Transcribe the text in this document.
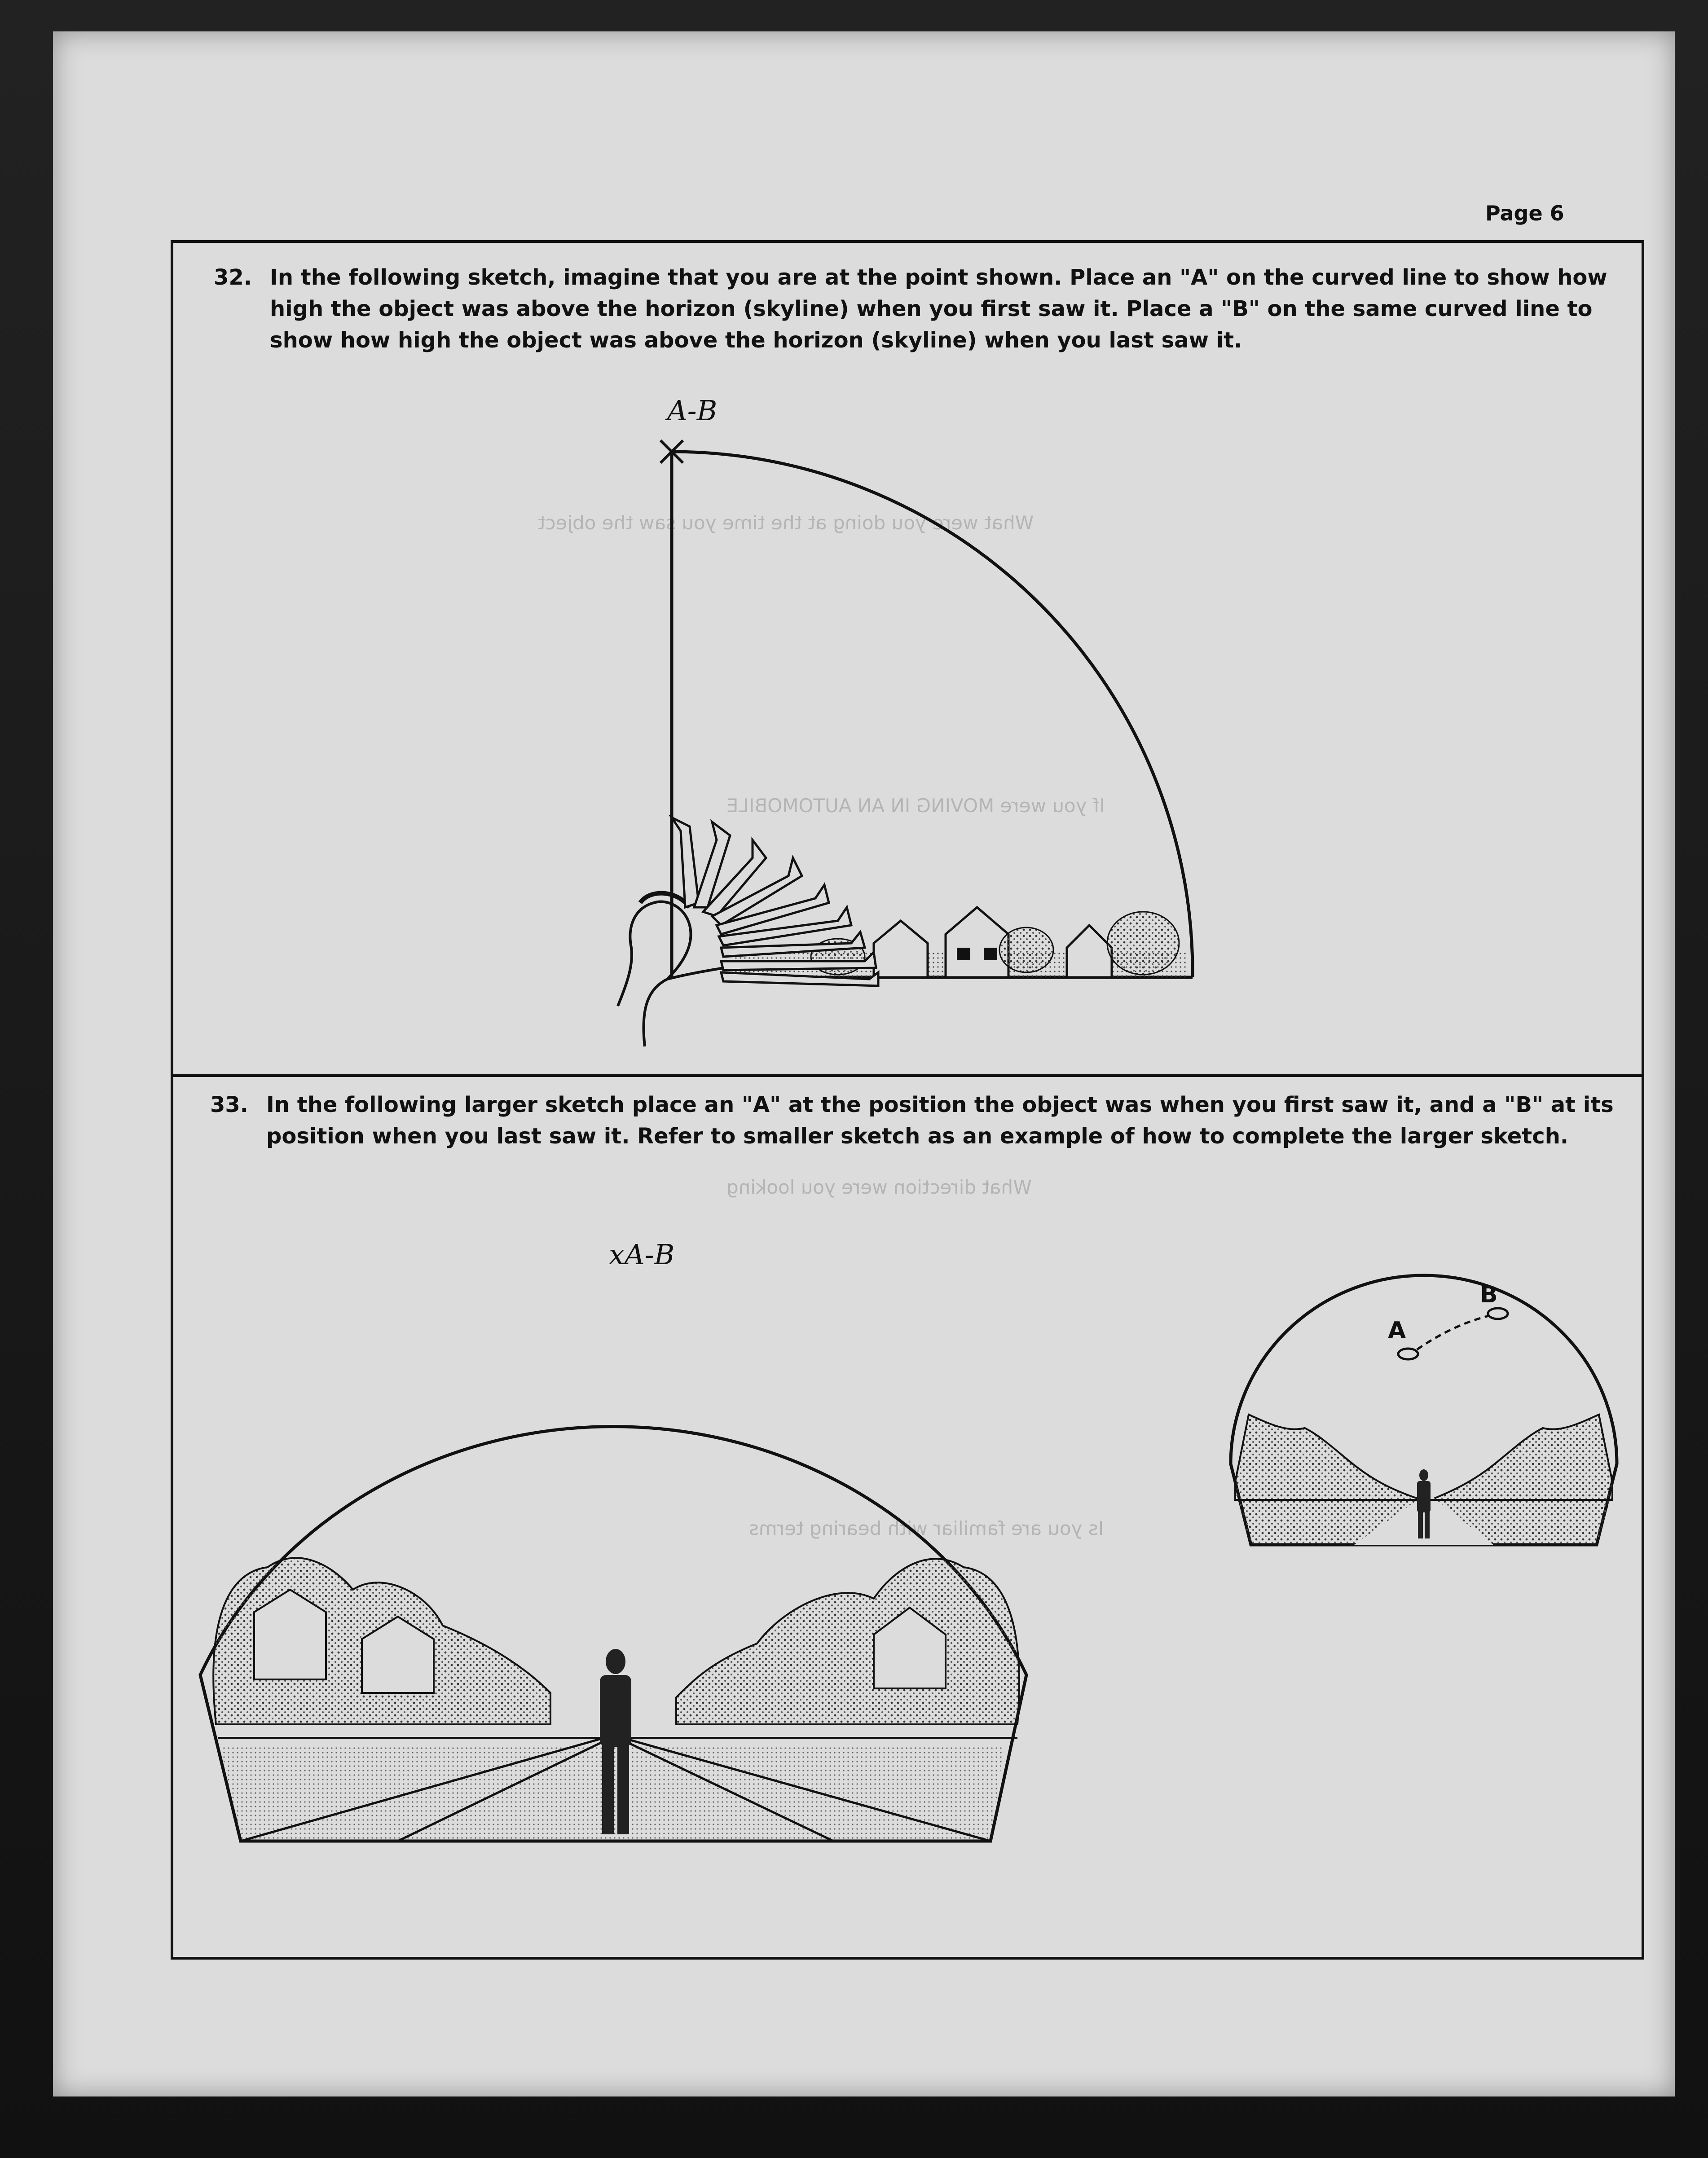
What were you doing at the time you saw the object
If you were MOVING IN AN AUTOMOBILE
What direction were you looking
Is you are familiar with bearing terms
Page 6
32. In the following sketch, imagine that you are at the point shown. Place an "A" on the curved line to show how
high the object was above the horizon (skyline) when you first saw it. Place a "B" on the same curved line to
show how high the object was above the horizon (skyline) when you last saw it.
33. In the following larger sketch place an "A" at the position the object was when you first saw it, and a "B" at its
position when you last saw it. Refer to smaller sketch as an example of how to complete the larger sketch.
A-B
xA-B
A
B
